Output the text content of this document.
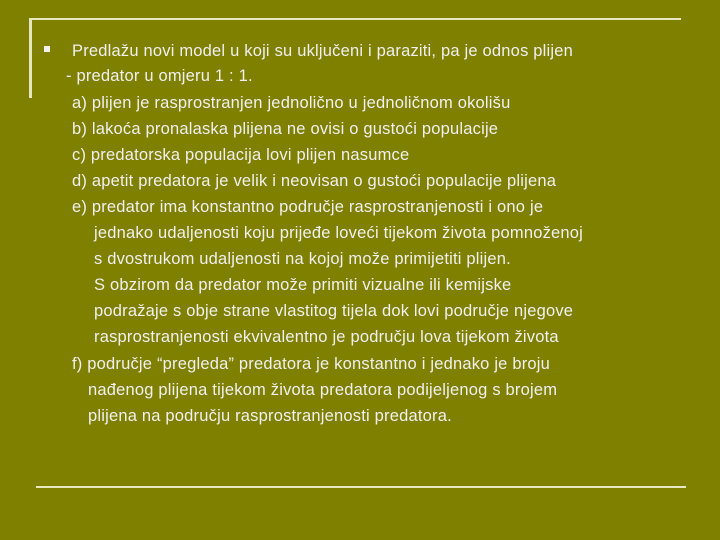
Predlažu novi model u koji su uključeni i paraziti, pa je odnos plijen
- predator u omjeru 1 : 1.
a) plijen je rasprostranjen jednolično u jednoličnom okolišu
b) lakoća pronalaska plijena ne ovisi o gustoći populacije
c) predatorska populacija lovi plijen nasumce
d) apetit predatora je velik i neovisan o gustoći populacije plijena
e) predator ima konstantno područje rasprostranjenosti i ono je
jednako udaljenosti koju prijeđe loveći tijekom života pomnoženoj
s dvostrukom udaljenosti na kojoj može primijetiti plijen.
S obzirom da predator može primiti vizualne ili kemijske
podražaje s obje strane vlastitog tijela dok lovi područje njegove
rasprostranjenosti ekvivalentno je području lova tijekom života
f) područje “pregleda” predatora je konstantno i jednako je broju
nađenog plijena tijekom života predatora podijeljenog s brojem
plijena na području rasprostranjenosti predatora.
